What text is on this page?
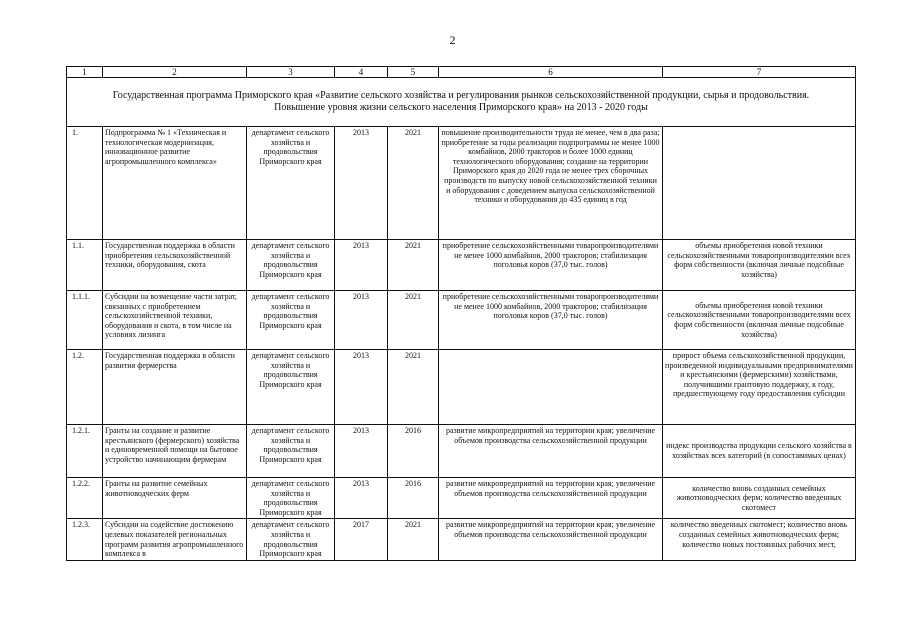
2
1	2	3	4	5	6	7
Государственная программа Приморского края «Развитие сельского хозяйства и регулирования рынков сельскохозяйственной продукции, сырья и продовольствия. Повышение уровня жизни сельского населения Приморского края» на 2013 - 2020 годы						
1.	Подпрограмма № 1 «Техническая и технологическая модернизация, инновационное развитие агропромышленного комплекса»	департамент сельского хозяйства и продовольствия Приморского края	2013	2021	повышение производительности труда не менее, чем в два раза; приобретение за годы реализации подпрограммы не менее 1000 комбайнов, 2000 тракторов и более 1000 единиц технологического оборудования; создание на территории Приморского края до 2020 года не менее трех сборочных производств по выпуску новой сельскохозяйственной техники и оборудования с доведением выпуска сельскохозяйственной техники и оборудования до 435 единиц в год	
1.1.	Государственная поддержка в области приобретения сельскохозяйственной техники, оборудования, скота	департамент сельского хозяйства и продовольствия Приморского края	2013	2021	приобретение сельскохозяйственными товаропроизводителями не менее 1000 комбайнов, 2000 тракторов; стабилизация поголовья коров (37,0 тыс. голов)	объемы приобретения новой техники сельскохозяйственными товаропроизводителями всех форм собственности (включая личные подсобные хозяйства)
1.1.1.	Субсидии на возмещение части затрат, связанных с приобретением сельскохозяйственной техники, оборудования и скота, в том числе на условиях лизинга	департамент сельского хозяйства и продовольствия Приморского края	2013	2021	приобретение сельскохозяйственными товаропроизводителями не менее 1000 комбайнов, 2000 тракторов; стабилизация поголовья коров (37,0 тыс. голов)	объемы приобретения новой техники сельскохозяйственными товаропроизводителями всех форм собственности (включая личные подсобные хозяйства)
1.2.	Государственная поддержка в области развития фермерства	департамент сельского хозяйства и продовольствия Приморского края	2013	2021		прирост объема сельскохозяйственной продукции, произведенной индивидуальными предпринимателями и крестьянскими (фермерскими) хозяйствами, получившими грантовую поддержку, к году, предшествующему году предоставления субсидии
1.2.1.	Гранты на создание и развитие крестьянского (фермерского) хозяйства и единовременной помощи на бытовое устройство начинающим фермерам	департамент сельского хозяйства и продовольствия Приморского края	2013	2016	развитие микропредприятий на территории края; увеличение объемов производства сельскохозяйственной продукции	индекс производства продукции сельского хозяйства в хозяйствах всех категорий (в сопоставимых ценах)
1.2.2.	Гранты на развитие семейных животноводческих ферм	департамент сельского хозяйства и продовольствия Приморского края	2013	2016	развитие микропредприятий на территории края; увеличение объемов производства сельскохозяйственной продукции	количество вновь созданных семейных животноводческих ферм; количество введенных скотомест
1.2.3.	Субсидии на содействие достижению целевых показателей региональных программ развития агропромышленного комплекса в	департамент сельского хозяйства и продовольствия Приморского края	2017	2021	развитие микропредприятий на территории края; увеличение объемов производства сельскохозяйственной продукции	количество введенных скотомест; количество вновь созданных семейных животноводческих ферм; количество новых постоянных рабочих мест,
